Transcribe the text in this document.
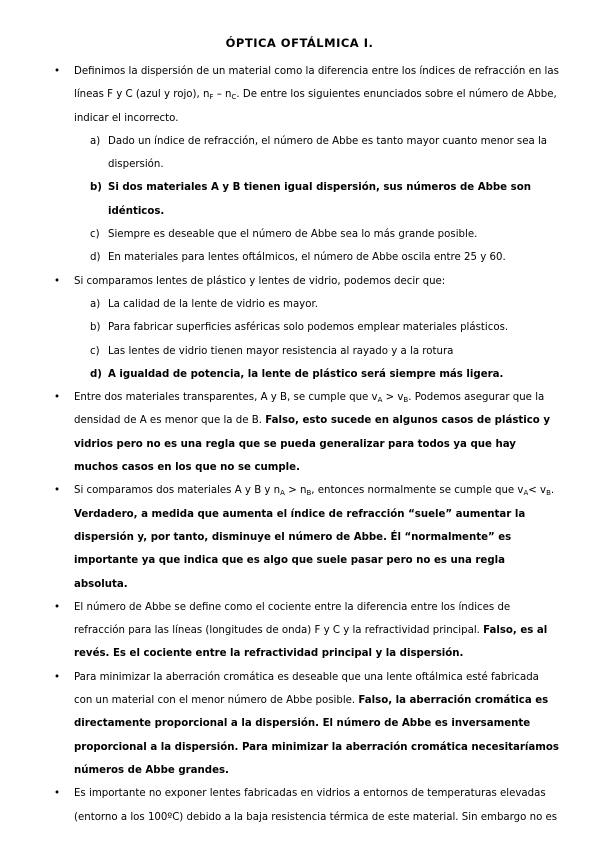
ÓPTICA OFTÁLMICA I.
• Definimos la dispersión de un material como la diferencia entre los índices de refracción en las líneas F y C (azul y rojo), $n_F - n_C$. De entre los siguientes enunciados sobre el número de Abbe, indicar el incorrecto.
a) Dado un índice de refracción, el número de Abbe es tanto mayor cuanto menor sea la dispersión.
b) Si dos materiales A y B tienen igual dispersión, sus números de Abbe son idénticos.
c) Siempre es deseable que el número de Abbe sea lo más grande posible.
d) En materiales para lentes oftálmicos, el número de Abbe oscila entre 25 y 60.
• Si comparamos lentes de plástico y lentes de vidrio, podemos decir que:
a) La calidad de la lente de vidrio es mayor.
b) Para fabricar superficies asféricas solo podemos emplear materiales plásticos.
c) Las lentes de vidrio tienen mayor resistencia al rayado y a la rotura
d) A igualdad de potencia, la lente de plástico será siempre más ligera.
• Entre dos materiales transparentes, A y B, se cumple que $v_A > v_B$. Podemos asegurar que la densidad de A es menor que la de B. Falso, esto sucede en algunos casos de plástico y vidrios pero no es una regla que se pueda generalizar para todos ya que hay muchos casos en los que no se cumple.
• Si comparamos dos materiales A y B y $n_A > n_B$, entonces normalmente se cumple que $v_A< v_B$. Verdadero, a medida que aumenta el índice de refracción “suele” aumentar la dispersión y, por tanto, disminuye el número de Abbe. Él “normalmente” es importante ya que indica que es algo que suele pasar pero no es una regla absoluta.
• El número de Abbe se define como el cociente entre la diferencia entre los índices de refracción para las líneas (longitudes de onda) F y C y la refractividad principal. Falso, es al revés. Es el cociente entre la refractividad principal y la dispersión.
• Para minimizar la aberración cromática es deseable que una lente oftálmica esté fabricada con un material con el menor número de Abbe posible. Falso, la aberración cromática es directamente proporcional a la dispersión. El número de Abbe es inversamente proporcional a la dispersión. Para minimizar la aberración cromática necesitaríamos números de Abbe grandes.
• Es importante no exponer lentes fabricadas en vidrios a entornos de temperaturas elevadas (entorno a los 100ºC) debido a la baja resistencia térmica de este material. Sin embargo no es
